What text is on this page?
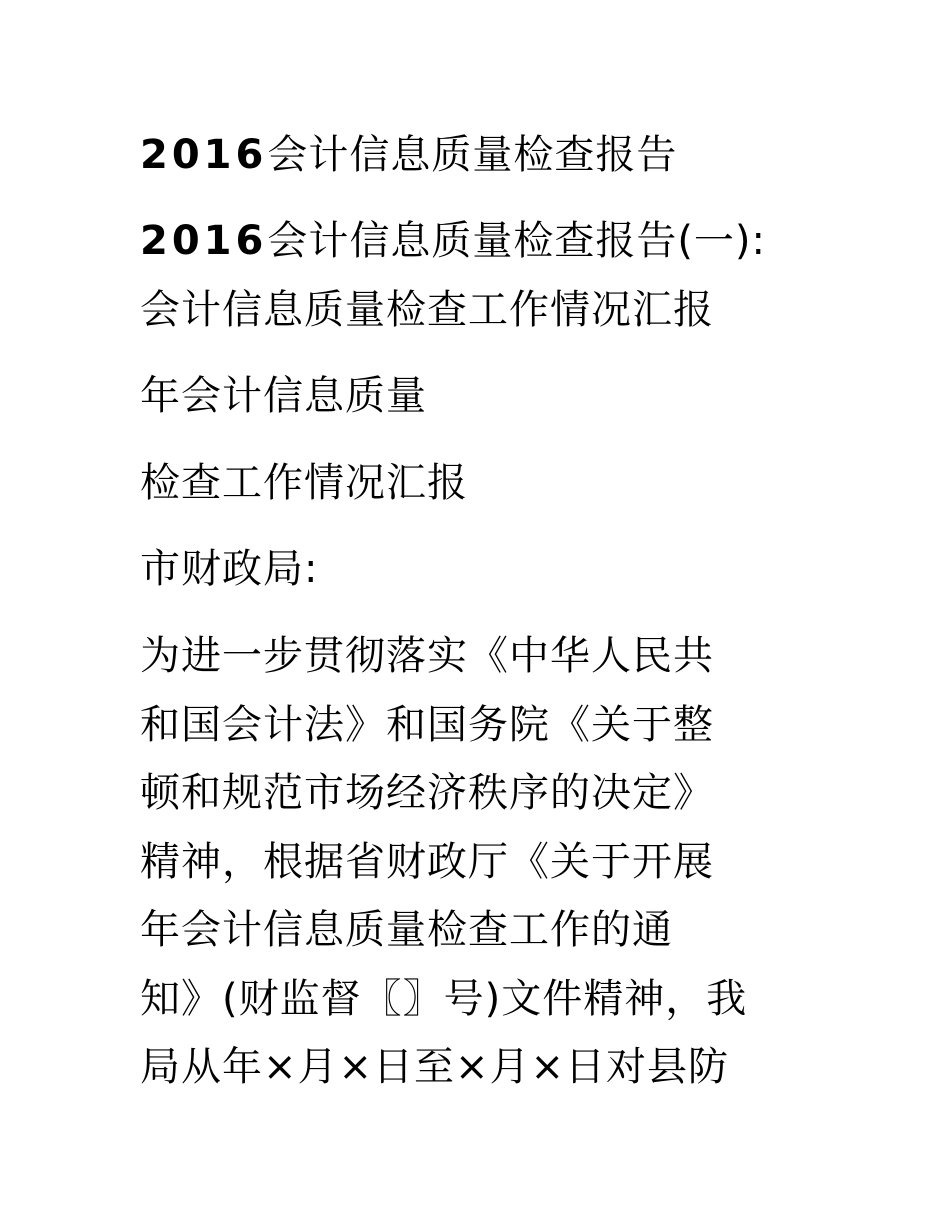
2016会计信息质量检查报告
2016会计信息质量检查报告(一):
会计信息质量检查工作情况汇报
年会计信息质量
检查工作情况汇报
市财政局:
为进一步贯彻落实《中华人民共
和国会计法》和国务院《关于整
顿和规范市场经济秩序的决定》
精神，根据省财政厅《关于开展
年会计信息质量检查工作的通
知》(财监督〖〗号)文件精神，我
局从年×月×日至×月×日对县防
